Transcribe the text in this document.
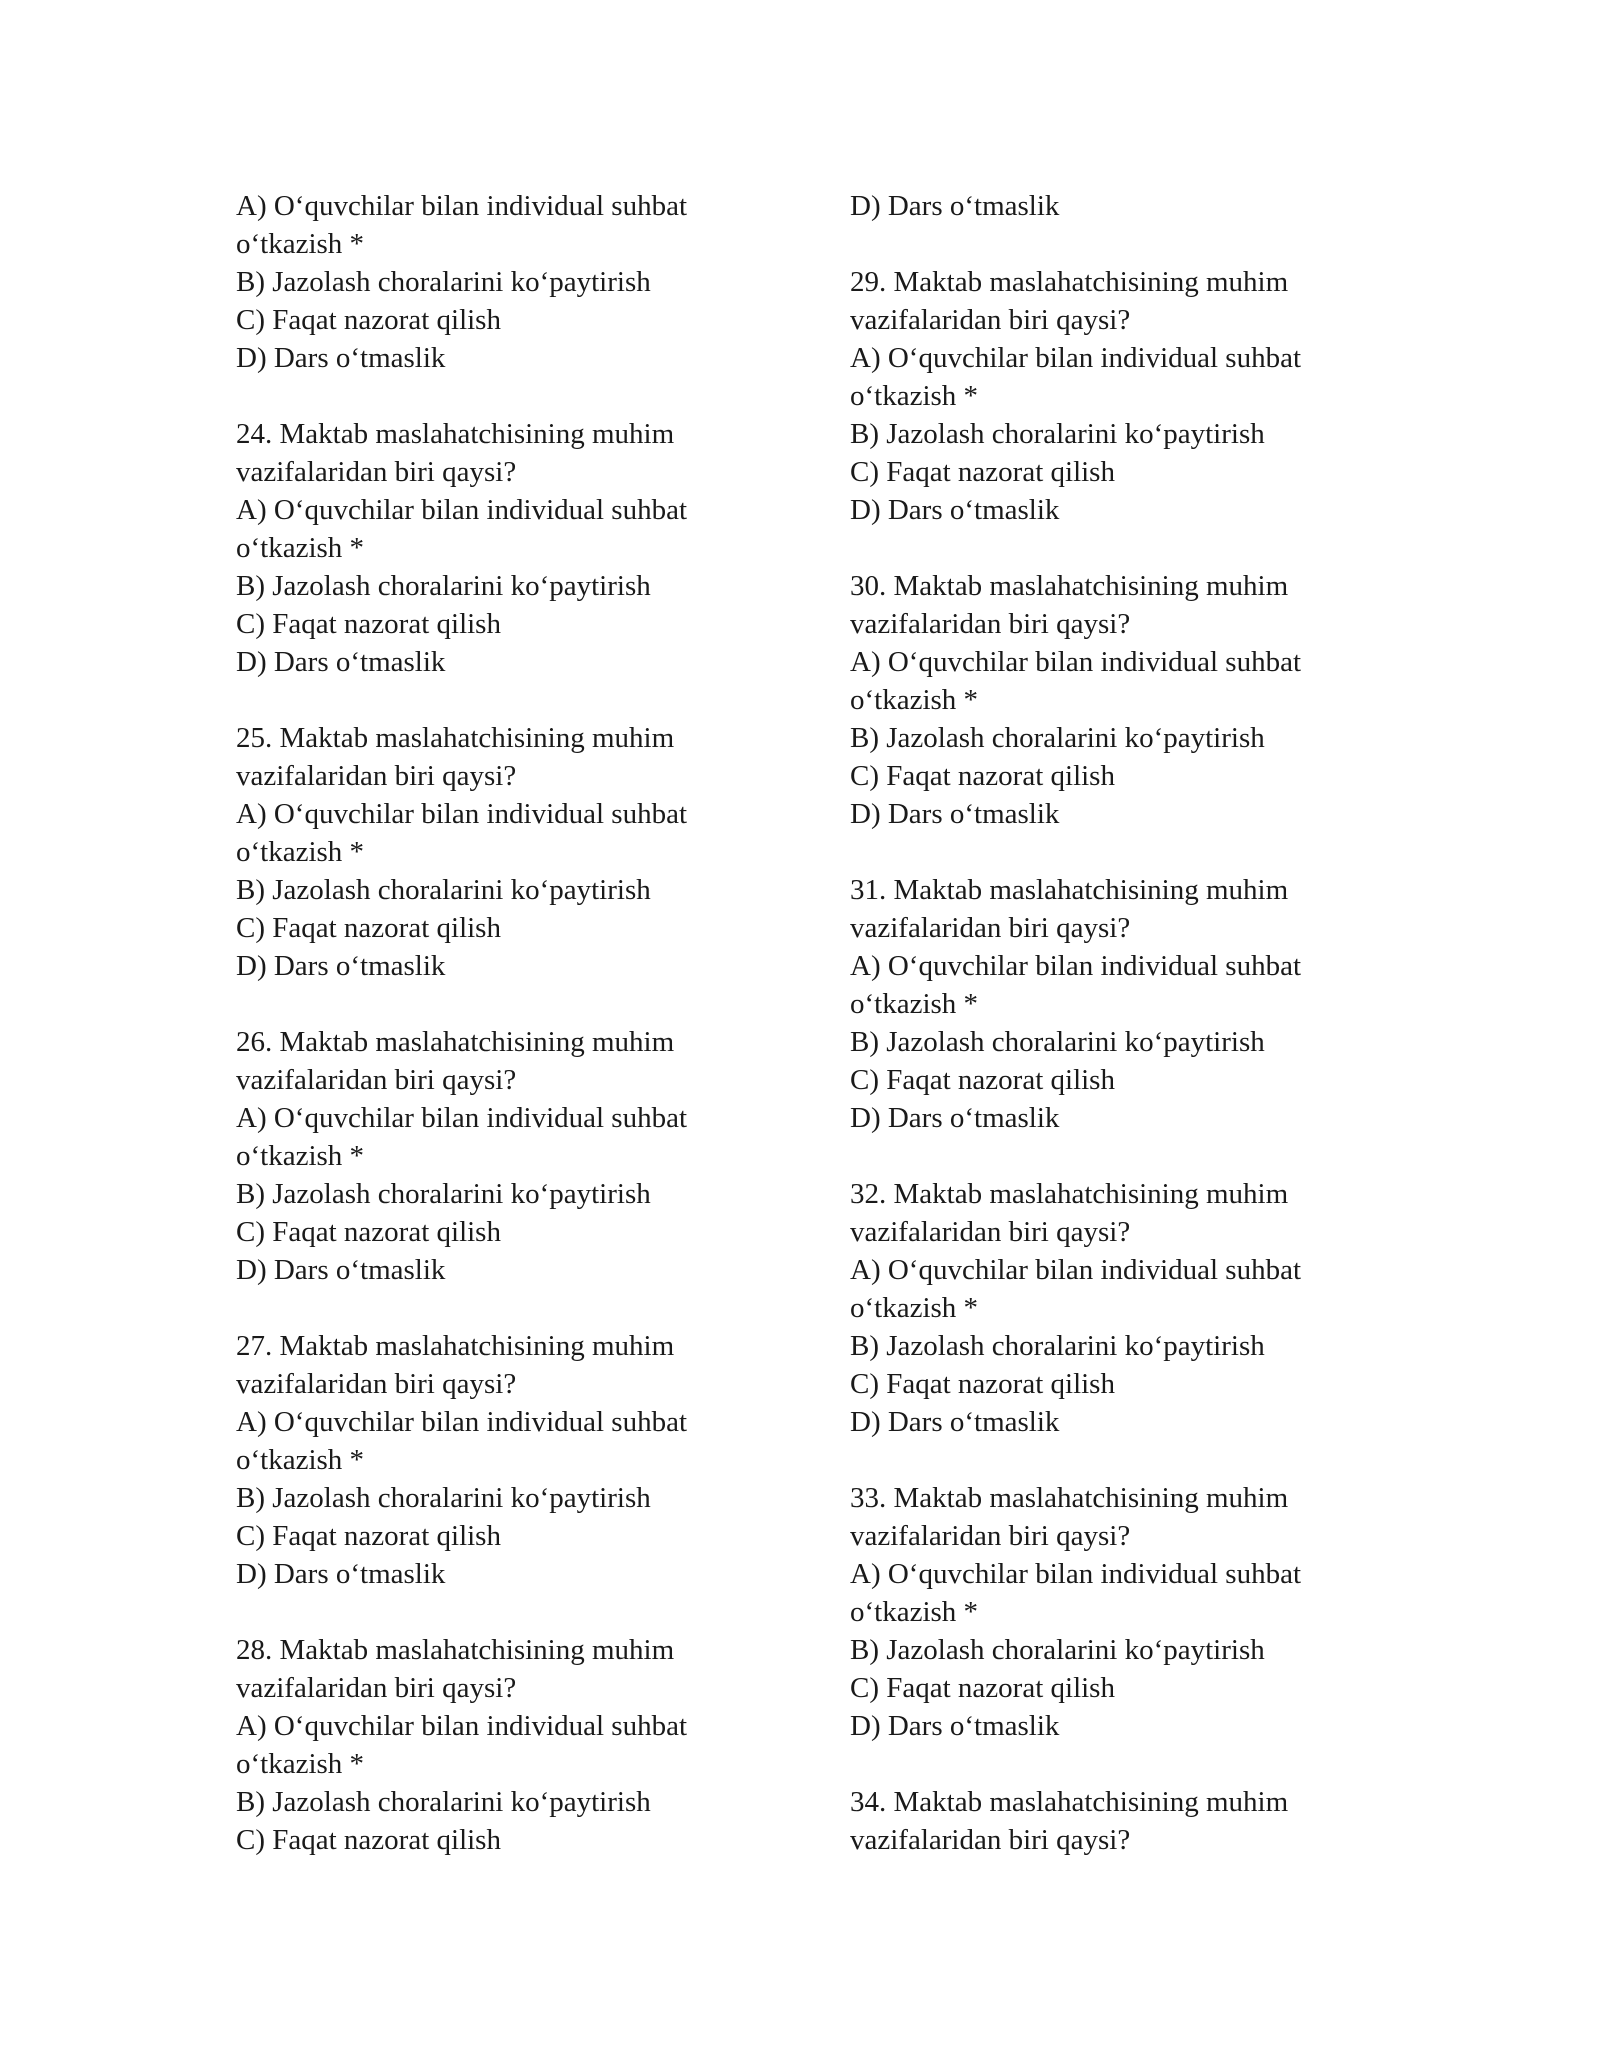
A) O‘quvchilar bilan individual suhbat o‘tkazish *
B) Jazolash choralarini ko‘paytirish
C) Faqat nazorat qilish
D) Dars o‘tmaslik
24. Maktab maslahatchisining muhim vazifalaridan biri qaysi?
A) O‘quvchilar bilan individual suhbat o‘tkazish *
B) Jazolash choralarini ko‘paytirish
C) Faqat nazorat qilish
D) Dars o‘tmaslik
25. Maktab maslahatchisining muhim vazifalaridan biri qaysi?
A) O‘quvchilar bilan individual suhbat o‘tkazish *
B) Jazolash choralarini ko‘paytirish
C) Faqat nazorat qilish
D) Dars o‘tmaslik
26. Maktab maslahatchisining muhim vazifalaridan biri qaysi?
A) O‘quvchilar bilan individual suhbat o‘tkazish *
B) Jazolash choralarini ko‘paytirish
C) Faqat nazorat qilish
D) Dars o‘tmaslik
27. Maktab maslahatchisining muhim vazifalaridan biri qaysi?
A) O‘quvchilar bilan individual suhbat o‘tkazish *
B) Jazolash choralarini ko‘paytirish
C) Faqat nazorat qilish
D) Dars o‘tmaslik
28. Maktab maslahatchisining muhim vazifalaridan biri qaysi?
A) O‘quvchilar bilan individual suhbat o‘tkazish *
B) Jazolash choralarini ko‘paytirish
C) Faqat nazorat qilish
D) Dars o‘tmaslik
29. Maktab maslahatchisining muhim vazifalaridan biri qaysi?
A) O‘quvchilar bilan individual suhbat o‘tkazish *
B) Jazolash choralarini ko‘paytirish
C) Faqat nazorat qilish
D) Dars o‘tmaslik
30. Maktab maslahatchisining muhim vazifalaridan biri qaysi?
A) O‘quvchilar bilan individual suhbat o‘tkazish *
B) Jazolash choralarini ko‘paytirish
C) Faqat nazorat qilish
D) Dars o‘tmaslik
31. Maktab maslahatchisining muhim vazifalaridan biri qaysi?
A) O‘quvchilar bilan individual suhbat o‘tkazish *
B) Jazolash choralarini ko‘paytirish
C) Faqat nazorat qilish
D) Dars o‘tmaslik
32. Maktab maslahatchisining muhim vazifalaridan biri qaysi?
A) O‘quvchilar bilan individual suhbat o‘tkazish *
B) Jazolash choralarini ko‘paytirish
C) Faqat nazorat qilish
D) Dars o‘tmaslik
33. Maktab maslahatchisining muhim vazifalaridan biri qaysi?
A) O‘quvchilar bilan individual suhbat o‘tkazish *
B) Jazolash choralarini ko‘paytirish
C) Faqat nazorat qilish
D) Dars o‘tmaslik
34. Maktab maslahatchisining muhim vazifalaridan biri qaysi?
